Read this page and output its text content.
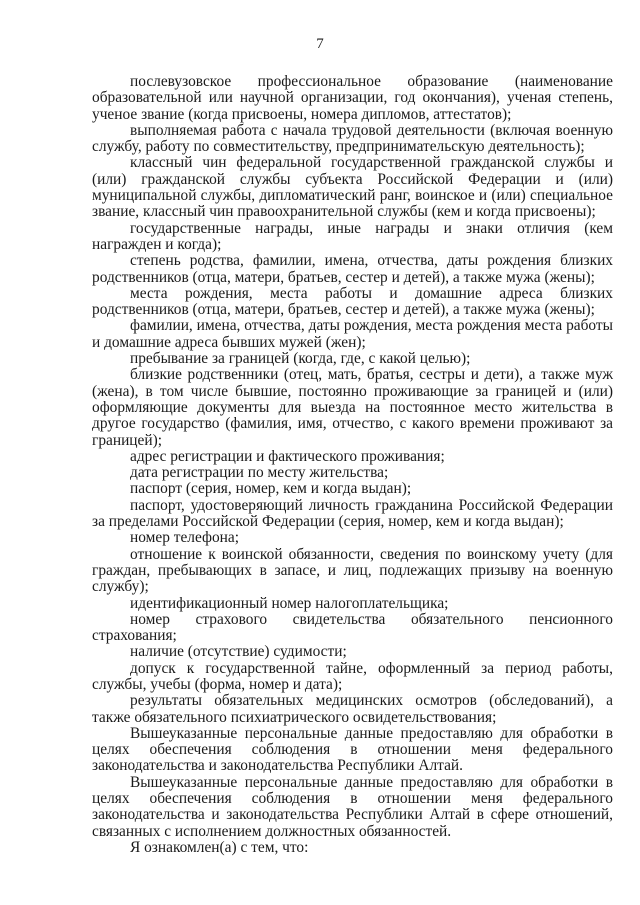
7

послевузовское профессиональное образование (наименование образовательной или научной организации, год окончания), ученая степень, ученое звание (когда присвоены, номера дипломов, аттестатов);

выполняемая работа с начала трудовой деятельности (включая военную службу, работу по совместительству, предпринимательскую деятельность);

классный чин федеральной государственной гражданской службы и (или) гражданской службы субъекта Российской Федерации и (или) муниципальной службы, дипломатический ранг, воинское и (или) специальное звание, классный чин правоохранительной службы (кем и когда присвоены);

государственные награды, иные награды и знаки отличия (кем награжден и когда);

степень родства, фамилии, имена, отчества, даты рождения близких родственников (отца, матери, братьев, сестер и детей), а также мужа (жены);

места рождения, места работы и домашние адреса близких родственников (отца, матери, братьев, сестер и детей), а также мужа (жены);

фамилии, имена, отчества, даты рождения, места рождения места работы и домашние адреса бывших мужей (жен);

пребывание за границей (когда, где, с какой целью);

близкие родственники (отец, мать, братья, сестры и дети), а также муж (жена), в том числе бывшие, постоянно проживающие за границей и (или) оформляющие документы для выезда на постоянное место жительства в другое государство (фамилия, имя, отчество, с какого времени проживают за границей);

адрес регистрации и фактического проживания;

дата регистрации по месту жительства;

паспорт (серия, номер, кем и когда выдан);

паспорт, удостоверяющий личность гражданина Российской Федерации за пределами Российской Федерации (серия, номер, кем и когда выдан);

номер телефона;

отношение к воинской обязанности, сведения по воинскому учету (для граждан, пребывающих в запасе, и лиц, подлежащих призыву на военную службу);

идентификационный номер налогоплательщика;

номер страхового свидетельства обязательного пенсионного страхования;

наличие (отсутствие) судимости;

допуск к государственной тайне, оформленный за период работы, службы, учебы (форма, номер и дата);

результаты обязательных медицинских осмотров (обследований), а также обязательного психиатрического освидетельствования;

Вышеуказанные персональные данные предоставляю для обработки в целях обеспечения соблюдения в отношении меня федерального законодательства и законодательства Республики Алтай.

Вышеуказанные персональные данные предоставляю для обработки в целях обеспечения соблюдения в отношении меня федерального законодательства и законодательства Республики Алтай в сфере отношений, связанных с исполнением должностных обязанностей.

Я ознакомлен(а) с тем, что:
